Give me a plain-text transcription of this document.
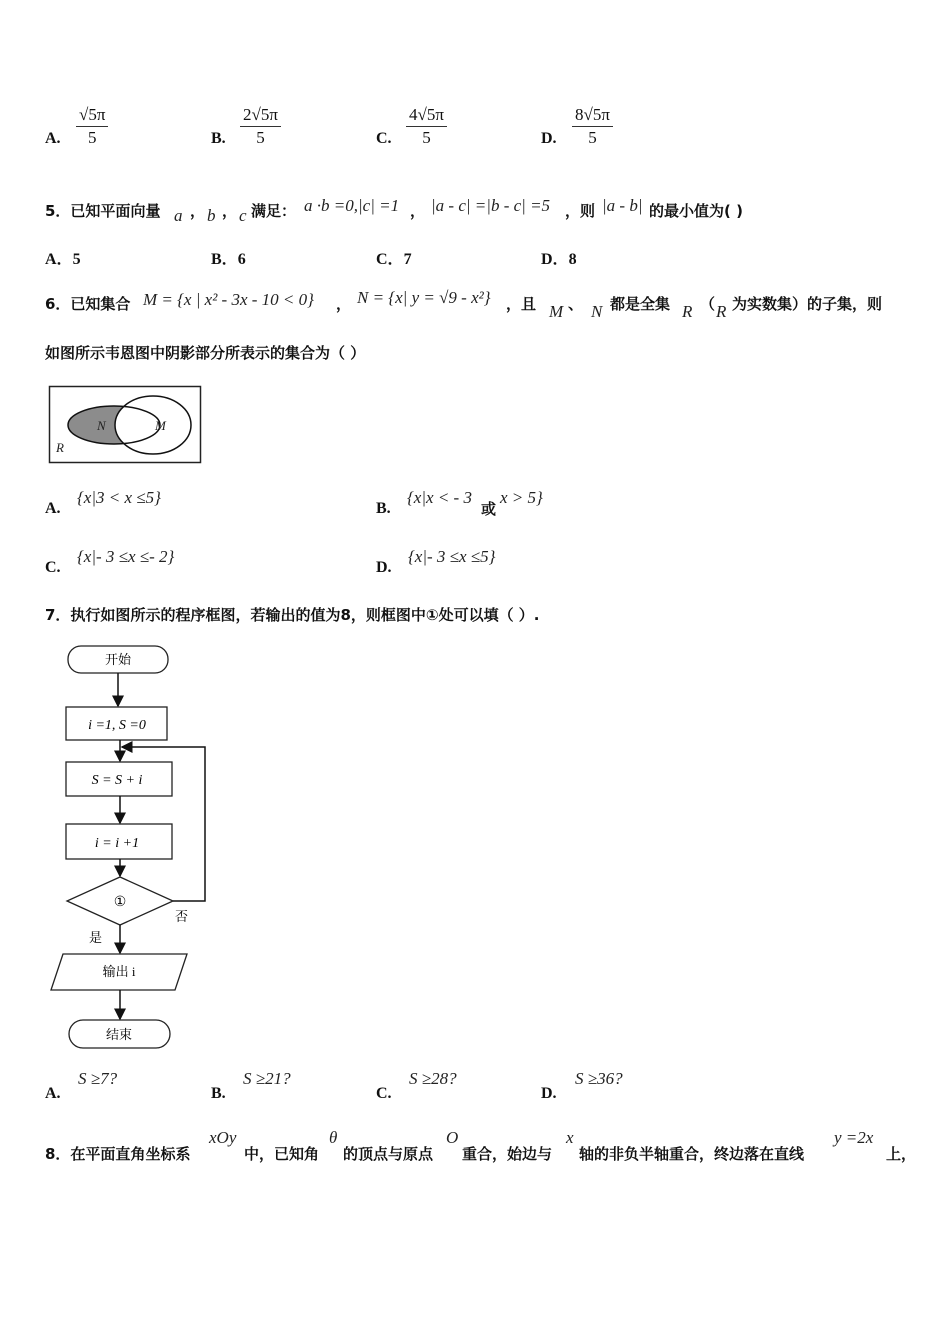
A. $\frac{√5\pi}{5}$	B. $\frac{2√5\pi}{5}$	C. $\frac{4√5\pi}{5}$	D. $\frac{8√5\pi}{5}$
5．已知平面向量 a ， b ， c 满足： a ·b =0,|c| =1 ， |a - c| =|b - c| =5 ，则 |a - b| 的最小值为( )
A．5	B．6	C．7	D．8
6．已知集合 M = {x | x² - 3x - 10 < 0} ， N = {x| y = √9 - x²} ，且 M 、 N 都是全集 R （ R 为实数集）的子集，则
如图所示韦恩图中阴影部分所表示的集合为（ ）
N	M
R
A.
{x|3 < x ≤5}
B.
{x|x < - 3
或
x > 5}
C.
{x|- 3 ≤x ≤- 2}
D.
{x|- 3 ≤x ≤5}
7．执行如图所示的程序框图，若输出的值为8，则框图中①处可以填（ ）.
开始
i =1, S =0
S = S + i
i = i +1
①
否
是
输出 i
结束
A.
S ≥7?
B.
S ≥21?
C.
S ≥28?
D.
S ≥36?
8．在平面直角坐标系
xOy
中，已知角
θ
的顶点与原点
O
重合，始边与
x
轴的非负半轴重合，终边落在直线
y =2x
上，
